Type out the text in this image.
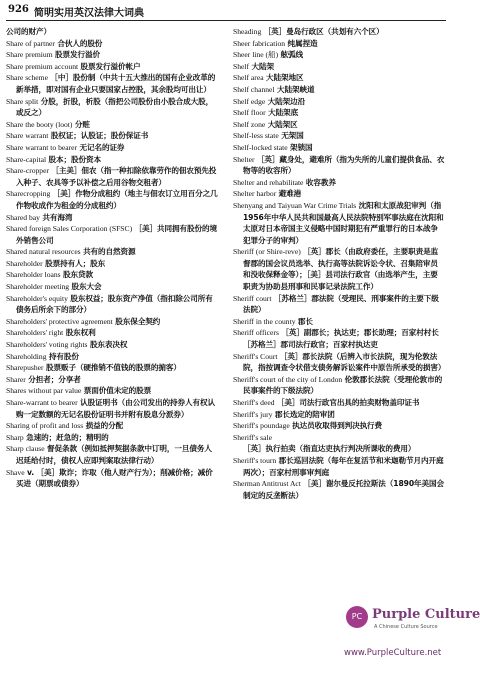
926 简明实用英汉法律大词典

公司的财产）

Share of partner 合伙人的股份

Share premium 股票发行溢价

Share premium account 股票发行溢价帐户

Share scheme ［中］股份制（中共十五大推出的国有企业改革的新举措，即对国有企业只要国家占控股，其余股均可出让）

Share split 分股，折股，析股（指把公司股份由小股合成大股，或反之）

Share the booty (loot) 分赃

Share warrant 股权证；认股证；股份保证书

Share warrant to bearer 无记名的证券

Share-capital 股本；股份资本

Share-cropper ［主美］佃农（指一种扣除依靠劳作的佃农预先投入种子、农具等予以补偿之后用谷物交租者）

Sharecropping ［美］作物分成租约（地主与佃农订立用百分之几作物收成作为租金的分成租约）

Shared bay 共有海湾

Shared foreign Sales Corporation (SFSC) ［美］共同拥有股份的境外销售公司

Shared natural resources 共有的自然资源

Shareholder 股票持有人；股东

Shareholder loans 股东贷款

Shareholder meeting 股东大会

Shareholder's equity 股东权益；股东资产净值（指扣除公司所有债务后所余下的部分）

Shareholders' protective agreement 股东保全契约

Shareholders' right 股东权利

Shareholders' voting rights 股东表决权

Shareholding 持有股份

Sharepusher 股票贩子（硬推销不值钱的股票的掮客）

Sharer 分担者；分享者

Shares without par value 票面价值未定的股票

Share-warrant to bearer 认股证明书（由公司发出的持券人有权认购一定数额的无记名股份证明书并附有股息分派券）

Sharing of profit and loss 损益的分配

Sharp 急速的；赶急的；精明的

Sharp clause 督促条款（例如抵押契据条款中订明，一旦债务人迟延给付时，债权人应即判案取法律行动）

Shave v. ［美］欺诈；诈取（他人财产行为）；削减价格；减价买进（期票或债券）

Sheading ［英］曼岛行政区（共划有六个区）

Sheer fabrication 纯属捏造

Sheer line (船) 舷弧线

Shelf 大陆架

Shelf area 大陆架地区

Shelf channel 大陆架峡道

Shelf edge 大陆架边沿

Shelf floor 大陆架底

Shelf zone 大陆架区

Shelf-less state 无架国

Shelf-locked state 架锁国

Shelter ［英］藏身处，避难所（指为失所的儿童们提供食品、衣物等的收容所）

Shelter and rehabilitate 收容教养

Shelter harbor 避难港

Shenyang and Taiyuan War Crime Trials 沈阳和太原战犯审判（指1956年中华人民共和国最高人民法院特别军事法庭在沈阳和太原对日本帝国主义侵略中国时期犯有严重罪行的日本战争犯罪分子的审判）

Sheriff (or Shire-reve) ［英］郡长（由政府委任，主要职责是监督郡的国会议员选举、执行高等法院诉讼令状、召集陪审员和没收保释金等）；［美］县司法行政官（由选举产生，主要职责为协助县刑事和民事记录法院工作）

Sheriff court ［苏格兰］郡法院（受理民、刑事案件的主要下级法院）

Sheriff in the county 郡长

Sheriff officers ［英］副郡长；执达吏；郡长助理；百家村村长［苏格兰］郡司法行政官；百家村执达吏

Sheriff's Court ［英］郡长法院（后辨入市长法院，现为伦敦法院，指按调查令状借支债务解诉讼案件中原告所承受的损害）

Sheriff's court of the city of London 伦敦郡长法院（受理伦敦市的民事案件的下级法院）

Sheriff's deed ［美］司法行政官出具的拍卖财物盖印证书

Sheriff's jury 郡长选定的陪审团

Sheriff's poundage 执达员收取得到判决执行费

Sheriff's sale ［英］执行拍卖（指直达吏执行判决所课收的费用）

Sheriff's tourn 郡长巡回法院（每年在复活节和米迦勒节月内开庭两次）；百家村刑事审判庭

Sherman Antitrust Act ［美］谢尔曼反托拉斯法（1890年美国会制定的反垄断法）

PC Purple Culture
A Chinese Culture Source
www.PurpleCulture.net
